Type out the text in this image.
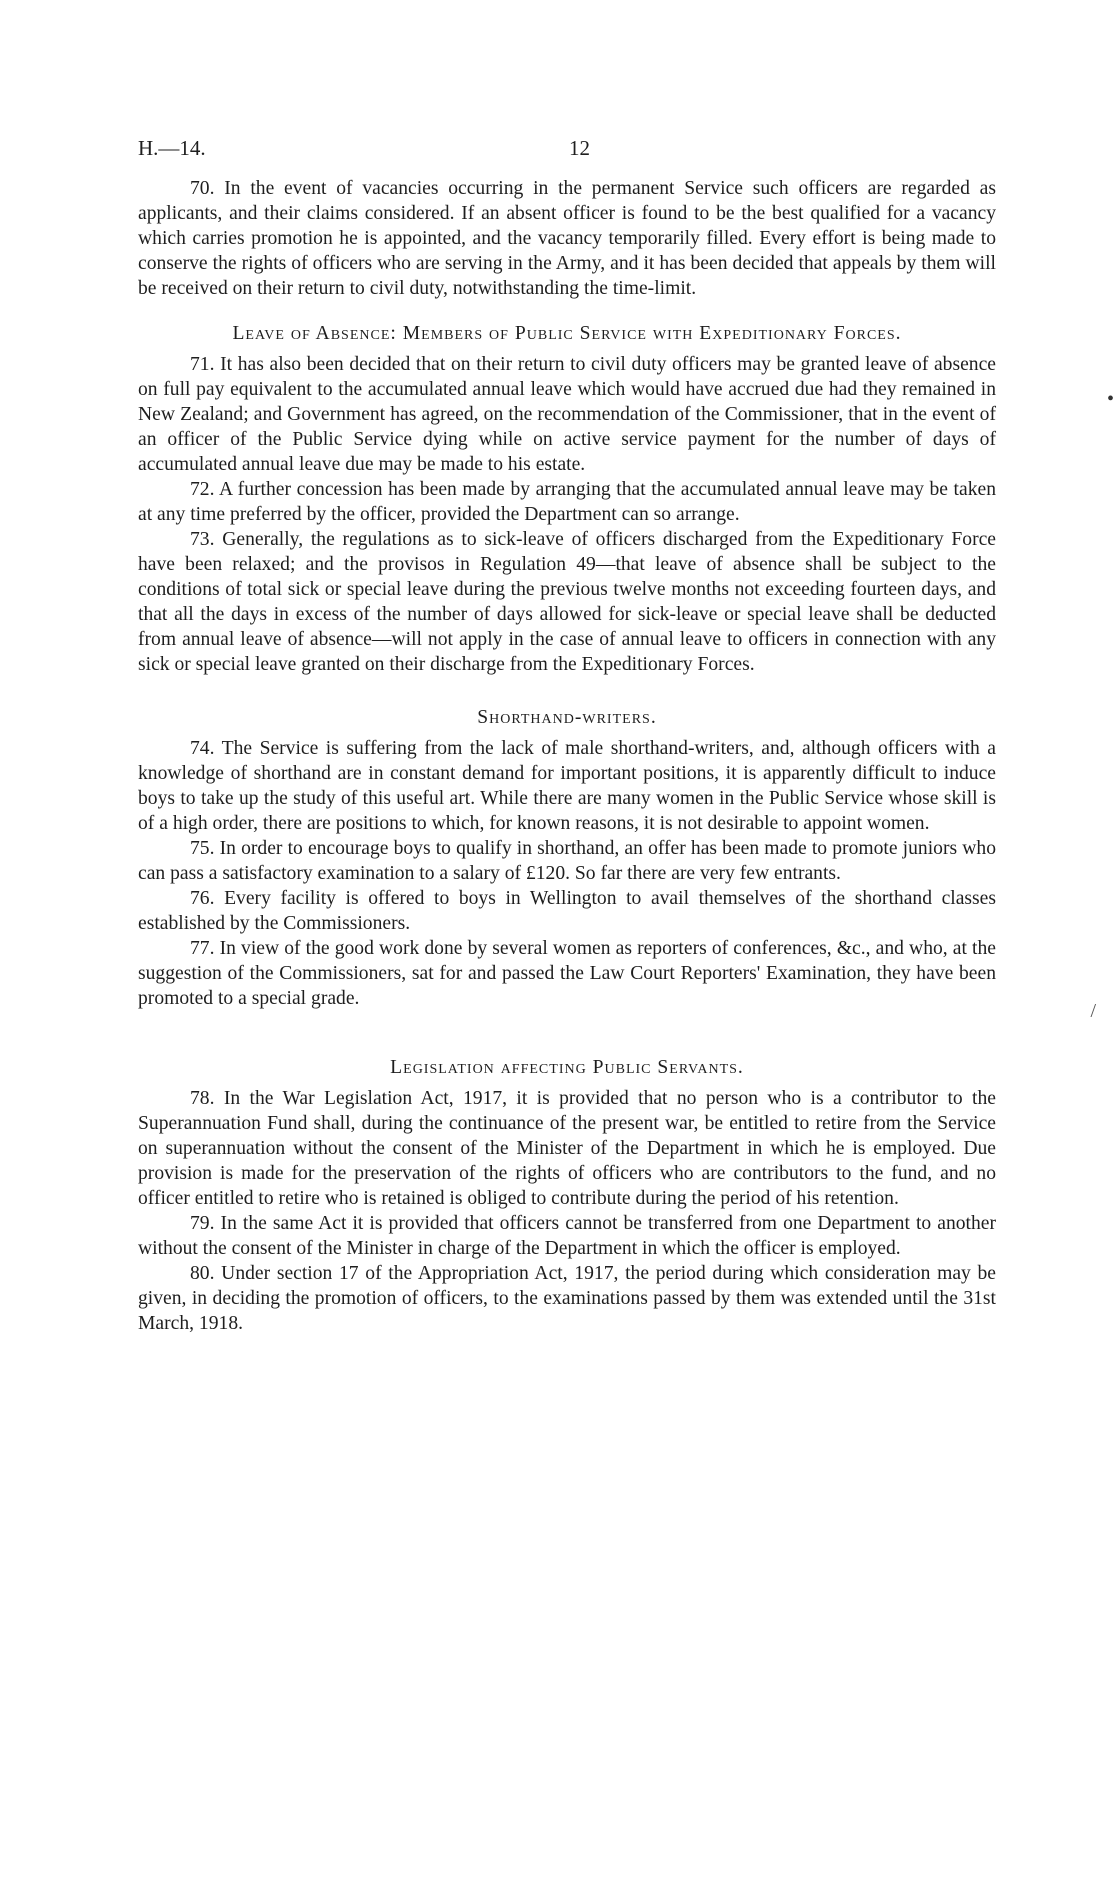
H.—14.	12

70. In the event of vacancies occurring in the permanent Service such officers are regarded as applicants, and their claims considered. If an absent officer is found to be the best qualified for a vacancy which carries promotion he is appointed, and the vacancy temporarily filled. Every effort is being made to conserve the rights of officers who are serving in the Army, and it has been decided that appeals by them will be received on their return to civil duty, notwithstanding the time-limit.

Leave of Absence: Members of Public Service with Expeditionary Forces.

71. It has also been decided that on their return to civil duty officers may be granted leave of absence on full pay equivalent to the accumulated annual leave which would have accrued due had they remained in New Zealand; and Government has agreed, on the recommendation of the Commissioner, that in the event of an officer of the Public Service dying while on active service payment for the number of days of accumulated annual leave due may be made to his estate.

72. A further concession has been made by arranging that the accumulated annual leave may be taken at any time preferred by the officer, provided the Department can so arrange.

73. Generally, the regulations as to sick-leave of officers discharged from the Expeditionary Force have been relaxed; and the provisos in Regulation 49—that leave of absence shall be subject to the conditions of total sick or special leave during the previous twelve months not exceeding fourteen days, and that all the days in excess of the number of days allowed for sick-leave or special leave shall be deducted from annual leave of absence—will not apply in the case of annual leave to officers in connection with any sick or special leave granted on their discharge from the Expeditionary Forces.

Shorthand-writers.

74. The Service is suffering from the lack of male shorthand-writers, and, although officers with a knowledge of shorthand are in constant demand for important positions, it is apparently difficult to induce boys to take up the study of this useful art. While there are many women in the Public Service whose skill is of a high order, there are positions to which, for known reasons, it is not desirable to appoint women.

75. In order to encourage boys to qualify in shorthand, an offer has been made to promote juniors who can pass a satisfactory examination to a salary of £120. So far there are very few entrants.

76. Every facility is offered to boys in Wellington to avail themselves of the shorthand classes established by the Commissioners.

77. In view of the good work done by several women as reporters of conferences, &c., and who, at the suggestion of the Commissioners, sat for and passed the Law Court Reporters' Examination, they have been promoted to a special grade.

Legislation affecting Public Servants.

78. In the War Legislation Act, 1917, it is provided that no person who is a contributor to the Superannuation Fund shall, during the continuance of the present war, be entitled to retire from the Service on superannuation without the consent of the Minister of the Department in which he is employed. Due provision is made for the preservation of the rights of officers who are contributors to the fund, and no officer entitled to retire who is retained is obliged to contribute during the period of his retention.

79. In the same Act it is provided that officers cannot be transferred from one Department to another without the consent of the Minister in charge of the Department in which the officer is employed.

80. Under section 17 of the Appropriation Act, 1917, the period during which consideration may be given, in deciding the promotion of officers, to the examinations passed by them was extended until the 31st March, 1918.

•
/
